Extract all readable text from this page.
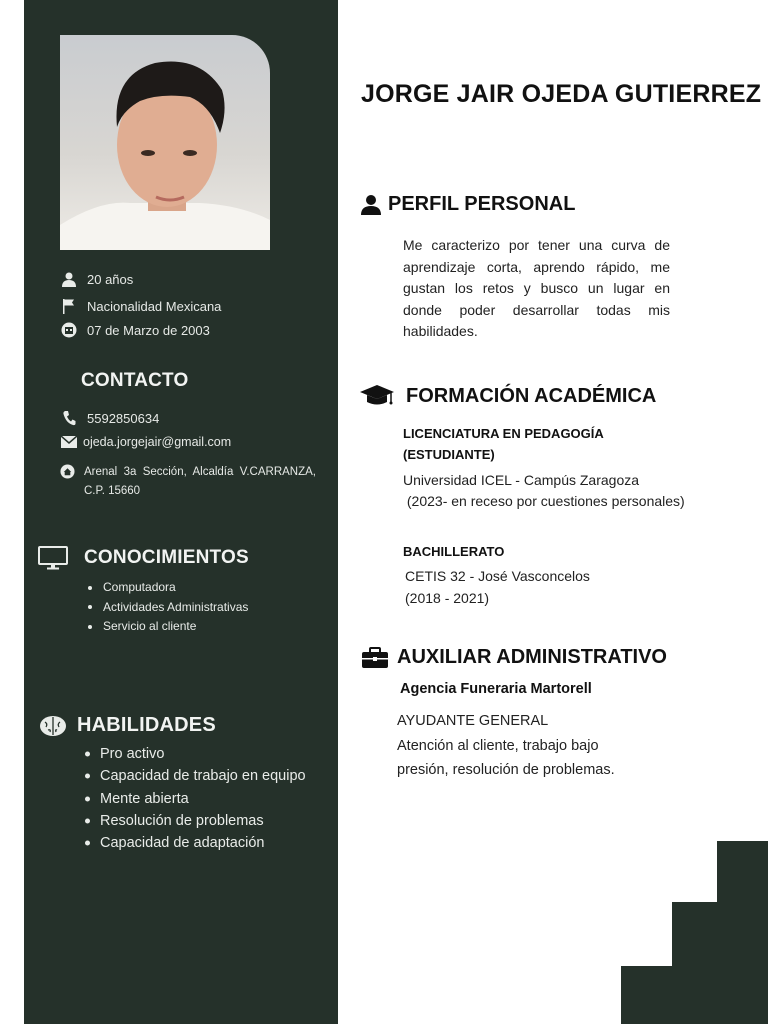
20 años
Nacionalidad Mexicana
07 de Marzo de 2003
CONTACTO
5592850634
ojeda.jorgejair@gmail.com
Arenal 3a Sección, Alcaldía V.CARRANZA, C.P. 15660
CONOCIMIENTOS
Computadora
Actividades Administrativas
Servicio al cliente
HABILIDADES
Pro activo
Capacidad de trabajo en equipo
Mente abierta
Resolución de problemas
Capacidad de adaptación
JORGE JAIR OJEDA GUTIERREZ
PERFIL PERSONAL

Me caracterizo por tener una curva de aprendizaje corta, aprendo rápido, me gustan los retos y busco un lugar en donde poder desarrollar todas mis habilidades.

FORMACIÓN ACADÉMICA
LICENCIATURA EN PEDAGOGÍA
(ESTUDIANTE)
Universidad ICEL - Campús Zaragoza
(2023- en receso por cuestiones personales)
BACHILLERATO
CETIS 32 - José Vasconcelos
(2018 - 2021)
AUXILIAR ADMINISTRATIVO
Agencia Funeraria Martorell
AYUDANTE GENERAL
Atención al cliente, trabajo bajo
presión, resolución de problemas.
